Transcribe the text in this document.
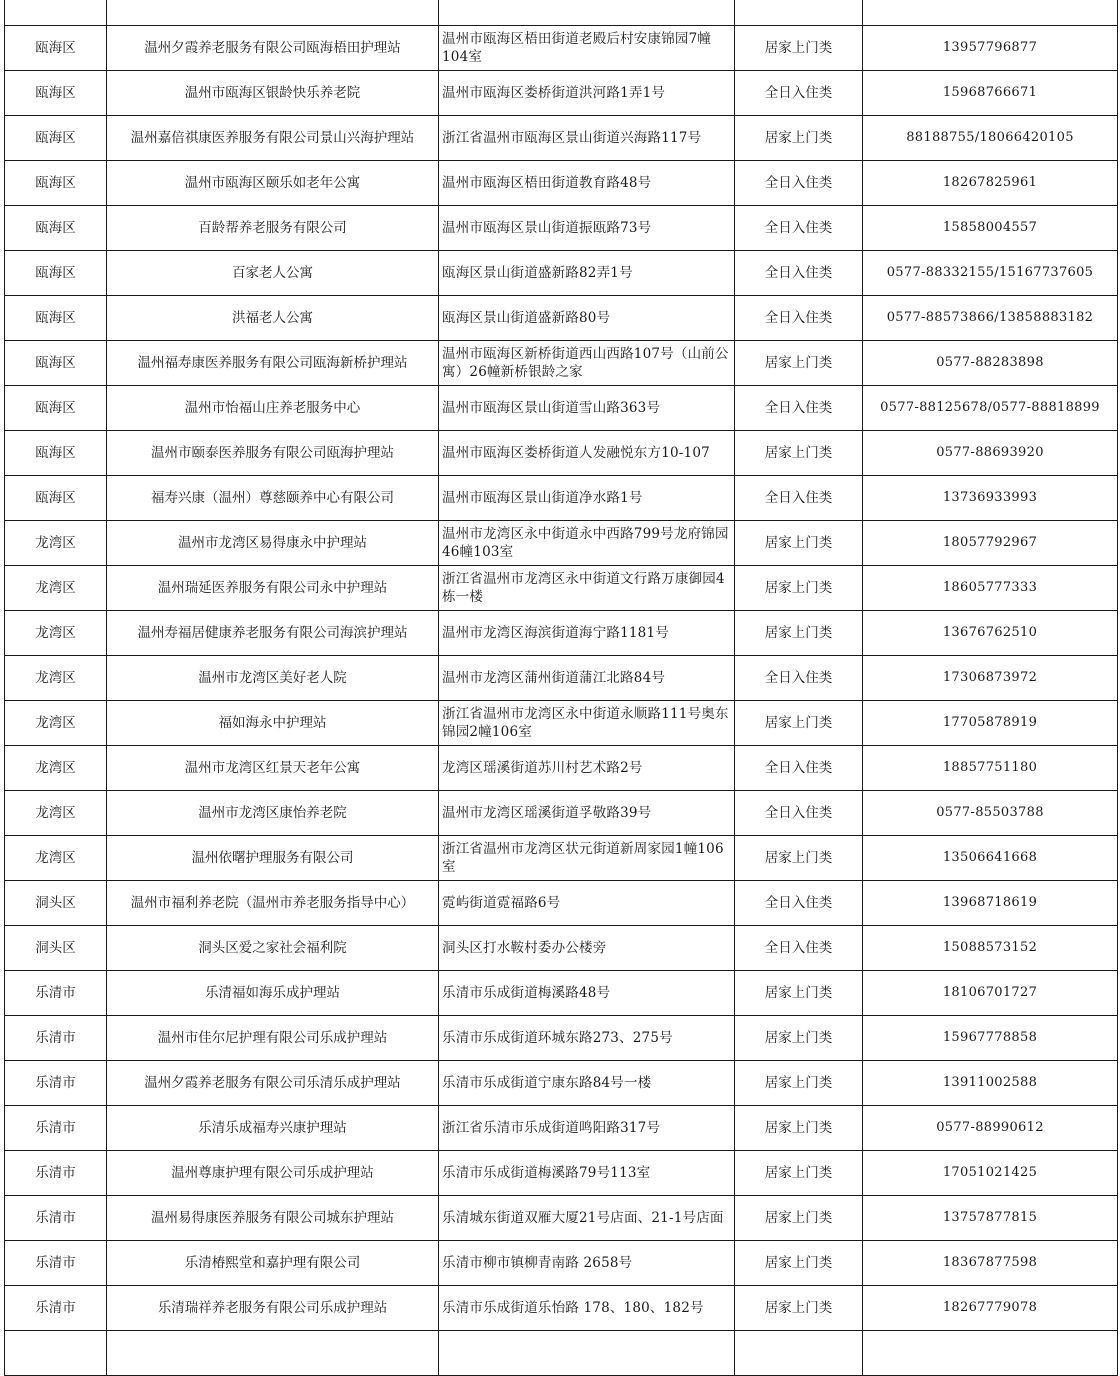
瓯海区	温州夕霞养老服务有限公司瓯海梧田护理站	温州市瓯海区梧田街道老殿后村安康锦园7幢104室	居家上门类	13957796877
瓯海区	温州市瓯海区银龄快乐养老院	温州市瓯海区娄桥街道洪河路1弄1号	全日入住类	15968766671
瓯海区	温州嘉倍祺康医养服务有限公司景山兴海护理站	浙江省温州市瓯海区景山街道兴海路117号	居家上门类	88188755/18066420105
瓯海区	温州市瓯海区颐乐如老年公寓	温州市瓯海区梧田街道教育路48号	全日入住类	18267825961
瓯海区	百龄帮养老服务有限公司	温州市瓯海区景山街道振瓯路73号	全日入住类	15858004557
瓯海区	百家老人公寓	瓯海区景山街道盛新路82弄1号	全日入住类	0577-88332155/15167737605
瓯海区	洪福老人公寓	瓯海区景山街道盛新路80号	全日入住类	0577-88573866/13858883182
瓯海区	温州福寿康医养服务有限公司瓯海新桥护理站	温州市瓯海区新桥街道西山西路107号（山前公寓）26幢新桥银龄之家	居家上门类	0577-88283898
瓯海区	温州市怡福山庄养老服务中心	温州市瓯海区景山街道雪山路363号	全日入住类	0577-88125678/0577-88818899
瓯海区	温州市颐泰医养服务有限公司瓯海护理站	温州市瓯海区娄桥街道人发融悦东方10-107	居家上门类	0577-88693920
瓯海区	福寿兴康（温州）尊慈颐养中心有限公司	温州市瓯海区景山街道净水路1号	全日入住类	13736933993
龙湾区	温州市龙湾区易得康永中护理站	温州市龙湾区永中街道永中西路799号龙府锦园46幢103室	居家上门类	18057792967
龙湾区	温州瑞延医养服务有限公司永中护理站	浙江省温州市龙湾区永中街道文行路万康御园4栋一楼	居家上门类	18605777333
龙湾区	温州寿福居健康养老服务有限公司海滨护理站	温州市龙湾区海滨街道海宁路1181号	居家上门类	13676762510
龙湾区	温州市龙湾区美好老人院	温州市龙湾区蒲州街道蒲江北路84号	全日入住类	17306873972
龙湾区	福如海永中护理站	浙江省温州市龙湾区永中街道永顺路111号奥东锦园2幢106室	居家上门类	17705878919
龙湾区	温州市龙湾区红景天老年公寓	龙湾区瑶溪街道苏川村艺术路2号	全日入住类	18857751180
龙湾区	温州市龙湾区康怡养老院	温州市龙湾区瑶溪街道孚敬路39号	全日入住类	0577-85503788
龙湾区	温州依曙护理服务有限公司	浙江省温州市龙湾区状元街道新周家园1幢106室	居家上门类	13506641668
洞头区	温州市福利养老院（温州市养老服务指导中心）	霓屿街道霓福路6号	全日入住类	13968718619
洞头区	洞头区爱之家社会福利院	洞头区打水鞍村委办公楼旁	全日入住类	15088573152
乐清市	乐清福如海乐成护理站	乐清市乐成街道梅溪路48号	居家上门类	18106701727
乐清市	温州市佳尔尼护理有限公司乐成护理站	乐清市乐成街道环城东路273、275号	居家上门类	15967778858
乐清市	温州夕霞养老服务有限公司乐清乐成护理站	乐清市乐成街道宁康东路84号一楼	居家上门类	13911002588
乐清市	乐清乐成福寿兴康护理站	浙江省乐清市乐成街道鸣阳路317号	居家上门类	0577-88990612
乐清市	温州尊康护理有限公司乐成护理站	乐清市乐成街道梅溪路79号113室	居家上门类	17051021425
乐清市	温州易得康医养服务有限公司城东护理站	乐清城东街道双雁大厦21号店面、21-1号店面	居家上门类	13757877815
乐清市	乐清椿熙堂和嘉护理有限公司	乐清市柳市镇柳青南路 2658号	居家上门类	18367877598
乐清市	乐清瑞祥养老服务有限公司乐成护理站	乐清市乐成街道乐怡路 178、180、182号	居家上门类	18267779078
